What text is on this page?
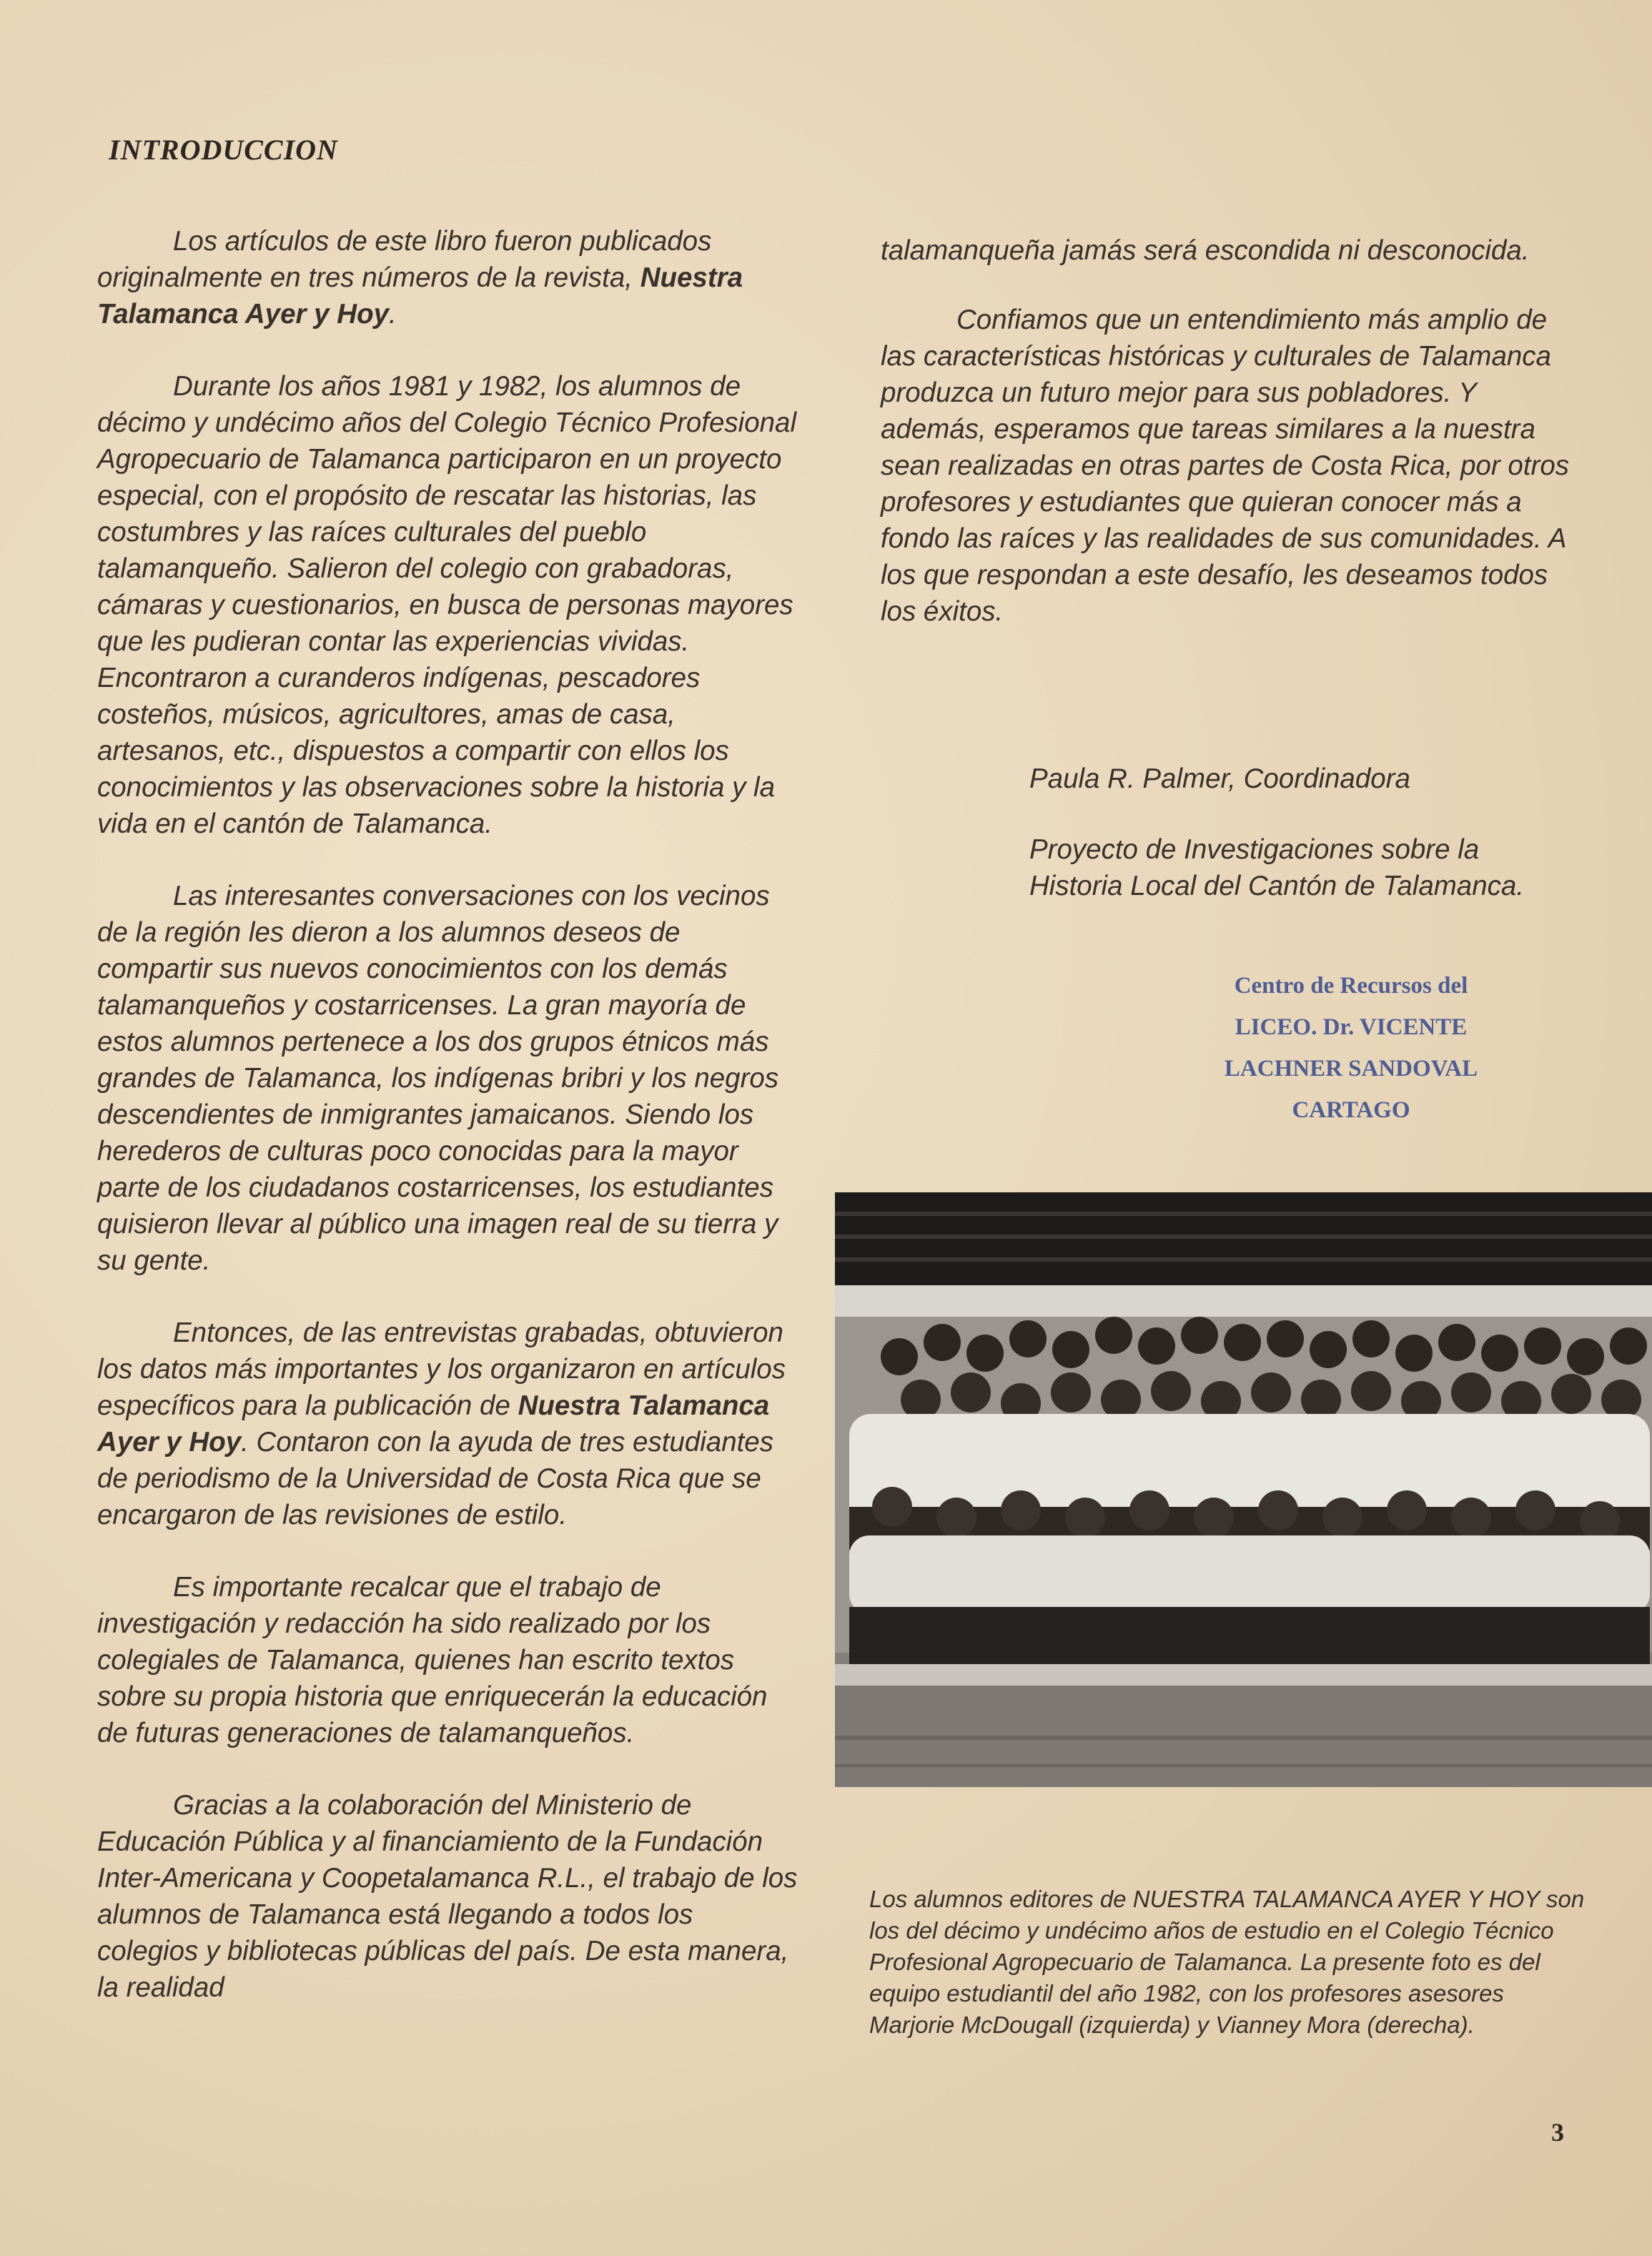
INTRODUCCION

Los artículos de este libro fueron publicados originalmente en tres números de la revista, Nuestra Talamanca Ayer y Hoy.

Durante los años 1981 y 1982, los alumnos de décimo y undécimo años del Colegio Técnico Profesional Agropecuario de Talamanca participaron en un proyecto especial, con el propósito de rescatar las historias, las costumbres y las raíces culturales del pueblo talamanqueño. Salieron del colegio con grabadoras, cámaras y cuestionarios, en busca de personas mayores que les pudieran contar las experiencias vividas. Encontraron a curanderos indígenas, pescadores costeños, músicos, agricultores, amas de casa, artesanos, etc., dispuestos a compartir con ellos los conocimientos y las observaciones sobre la historia y la vida en el cantón de Talamanca.

Las interesantes conversaciones con los vecinos de la región les dieron a los alumnos deseos de compartir sus nuevos conocimientos con los demás talamanqueños y costarricenses. La gran mayoría de estos alumnos pertenece a los dos grupos étnicos más grandes de Talamanca, los indígenas bribri y los negros descendientes de inmigrantes jamaicanos. Siendo los herederos de culturas poco conocidas para la mayor parte de los ciudadanos costarricenses, los estudiantes quisieron llevar al público una imagen real de su tierra y su gente.

Entonces, de las entrevistas grabadas, obtuvieron los datos más importantes y los organizaron en artículos específicos para la publicación de Nuestra Talamanca Ayer y Hoy. Contaron con la ayuda de tres estudiantes de periodismo de la Universidad de Costa Rica que se encargaron de las revisiones de estilo.

Es importante recalcar que el trabajo de investigación y redacción ha sido realizado por los colegiales de Talamanca, quienes han escrito textos sobre su propia historia que enriquecerán la educación de futuras generaciones de talamanqueños.

Gracias a la colaboración del Ministerio de Educación Pública y al financiamiento de la Fundación Inter-Americana y Coopetalamanca R.L., el trabajo de los alumnos de Talamanca está llegando a todos los colegios y bibliotecas públicas del país. De esta manera, la realidad

talamanqueña jamás será escondida ni desconocida.

Confiamos que un entendimiento más amplio de las características históricas y culturales de Talamanca produzca un futuro mejor para sus pobladores. Y además, esperamos que tareas similares a la nuestra sean realizadas en otras partes de Costa Rica, por otros profesores y estudiantes que quieran conocer más a fondo las raíces y las realidades de sus comunidades. A los que respondan a este desafío, les deseamos todos los éxitos.

Paula R. Palmer, Coordinadora
Proyecto de Investigaciones sobre la Historia Local del Cantón de Talamanca.
Centro de Recursos del
LICEO. Dr. VICENTE
LACHNER SANDOVAL
CARTAGO
Los alumnos editores de NUESTRA TALAMANCA AYER Y HOY son los del décimo y undécimo años de estudio en el Colegio Técnico Profesional Agropecuario de Talamanca. La presente foto es del equipo estudiantil del año 1982, con los profesores asesores Marjorie McDougall (izquierda) y Vianney Mora (derecha).
3
